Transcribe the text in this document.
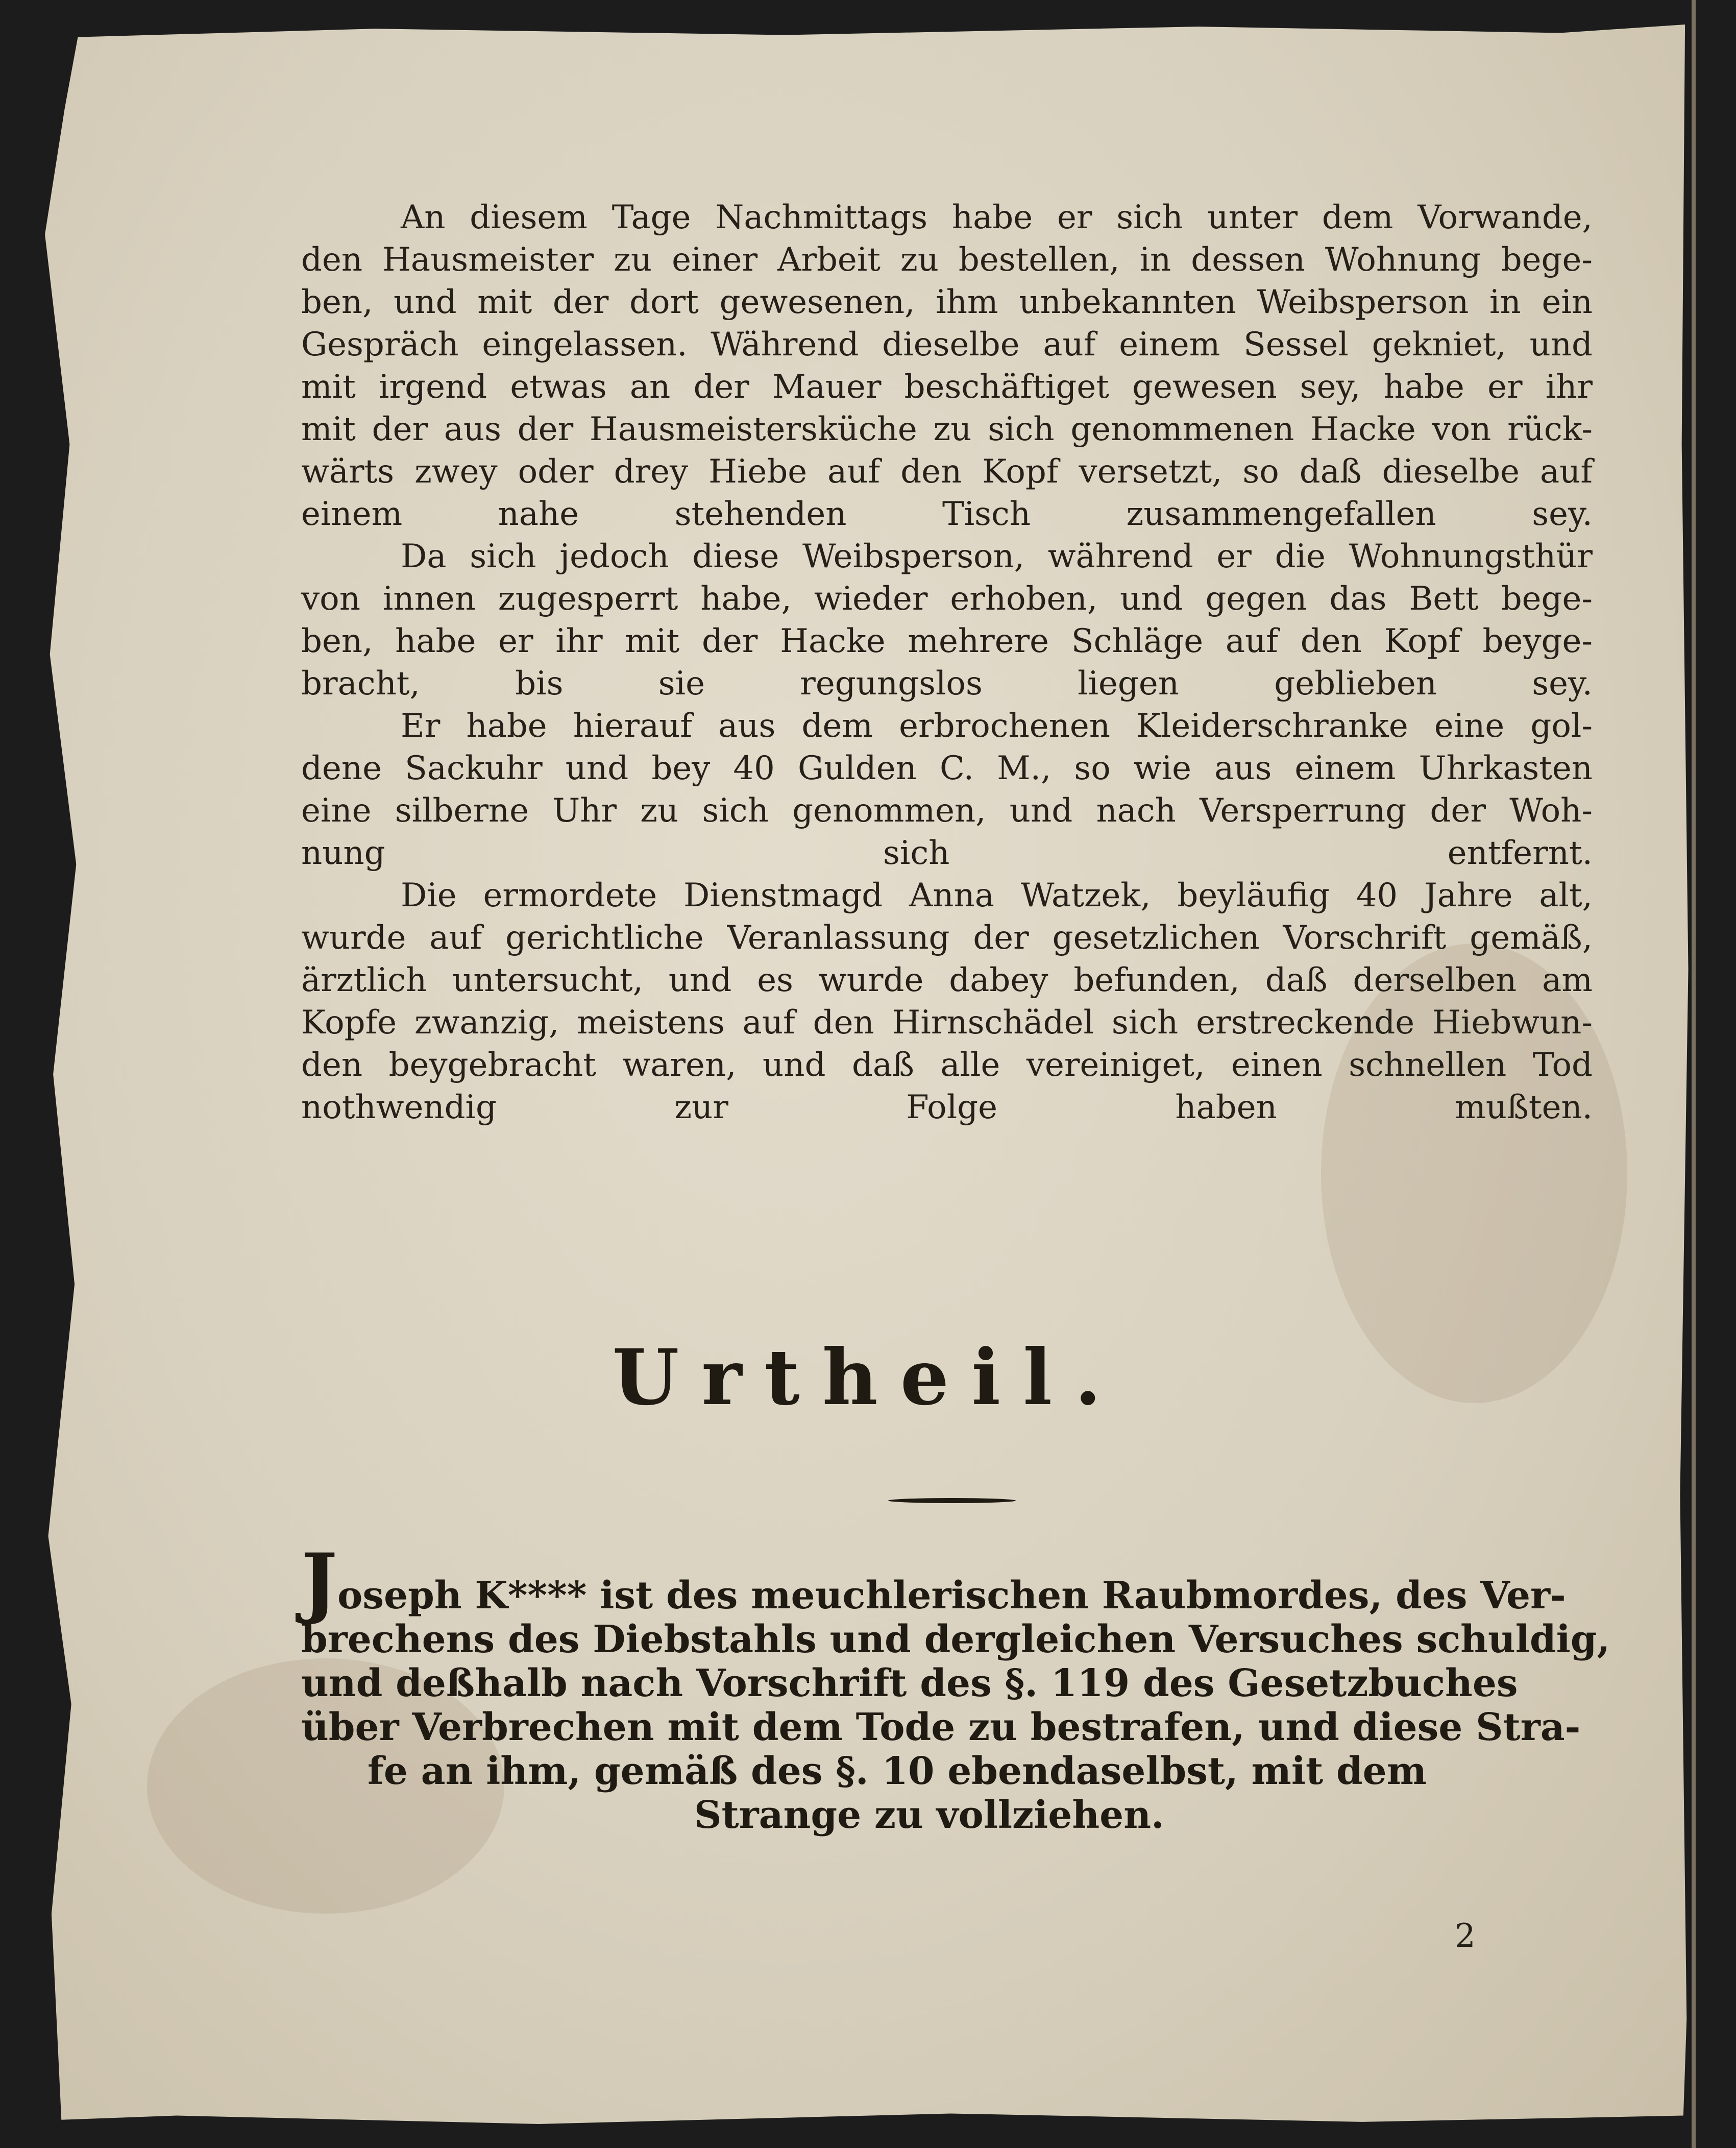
An diesem Tage Nachmittags habe er sich unter dem Vorwande,
den Hausmeister zu einer Arbeit zu bestellen, in dessen Wohnung bege-
ben, und mit der dort gewesenen, ihm unbekannten Weibsperson in ein
Gespräch eingelassen. Während dieselbe auf einem Sessel gekniet, und
mit irgend etwas an der Mauer beschäftiget gewesen sey, habe er ihr
mit der aus der Hausmeistersküche zu sich genommenen Hacke von rück-
wärts zwey oder drey Hiebe auf den Kopf versetzt, so daß dieselbe auf
einem nahe stehenden Tisch zusammengefallen sey.

Da sich jedoch diese Weibsperson, während er die Wohnungsthür
von innen zugesperrt habe, wieder erhoben, und gegen das Bett bege-
ben, habe er ihr mit der Hacke mehrere Schläge auf den Kopf beyge-
bracht, bis sie regungslos liegen geblieben sey.

Er habe hierauf aus dem erbrochenen Kleiderschranke eine gol-
dene Sackuhr und bey 40 Gulden C. M., so wie aus einem Uhrkasten
eine silberne Uhr zu sich genommen, und nach Versperrung der Woh-
nung sich entfernt.

Die ermordete Dienstmagd Anna Watzek, beyläufig 40 Jahre alt,
wurde auf gerichtliche Veranlassung der gesetzlichen Vorschrift gemäß,
ärztlich untersucht, und es wurde dabey befunden, daß derselben am
Kopfe zwanzig, meistens auf den Hirnschädel sich erstreckende Hiebwun-
den beygebracht waren, und daß alle vereiniget, einen schnellen Tod
nothwendig zur Folge haben mußten.

Urtheil.
Joseph K**** ist des meuchlerischen Raubmordes, des Ver-
brechens des Diebstahls und dergleichen Versuches schuldig,
und deßhalb nach Vorschrift des §. 119 des Gesetzbuches
über Verbrechen mit dem Tode zu bestrafen, und diese Stra-
fe an ihm, gemäß des §. 10 ebendaselbst, mit dem
Strange zu vollziehen.
2
